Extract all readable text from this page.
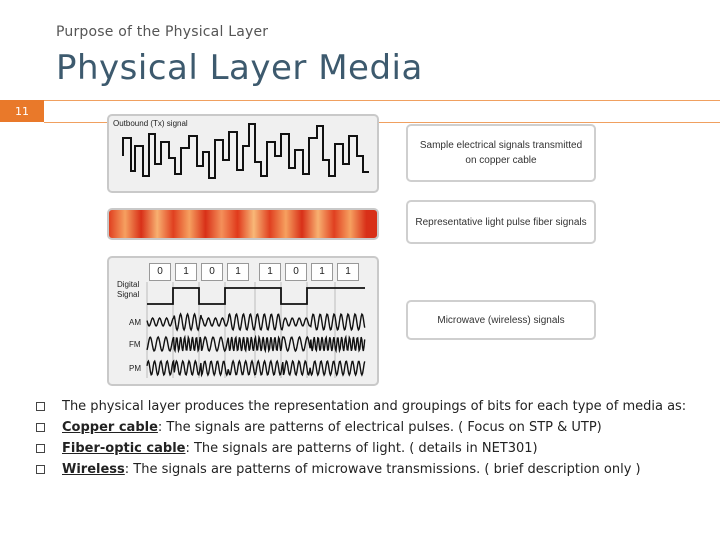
Purpose of the Physical Layer
Physical Layer Media
11
Outbound (Tx) signal
0	1	0	1	1	0	1	1
Digital Signal
AM
FM
PM
Sample electrical signals transmitted on copper cable
Representative light pulse fiber signals
Microwave (wireless) signals
The physical layer produces the representation and groupings of bits for each type of media as:
Copper cable: The signals are patterns of electrical pulses. ( Focus on STP & UTP)
Fiber-optic cable: The signals are patterns of light. ( details in NET301)
Wireless: The signals are patterns of microwave transmissions. ( brief description only )
